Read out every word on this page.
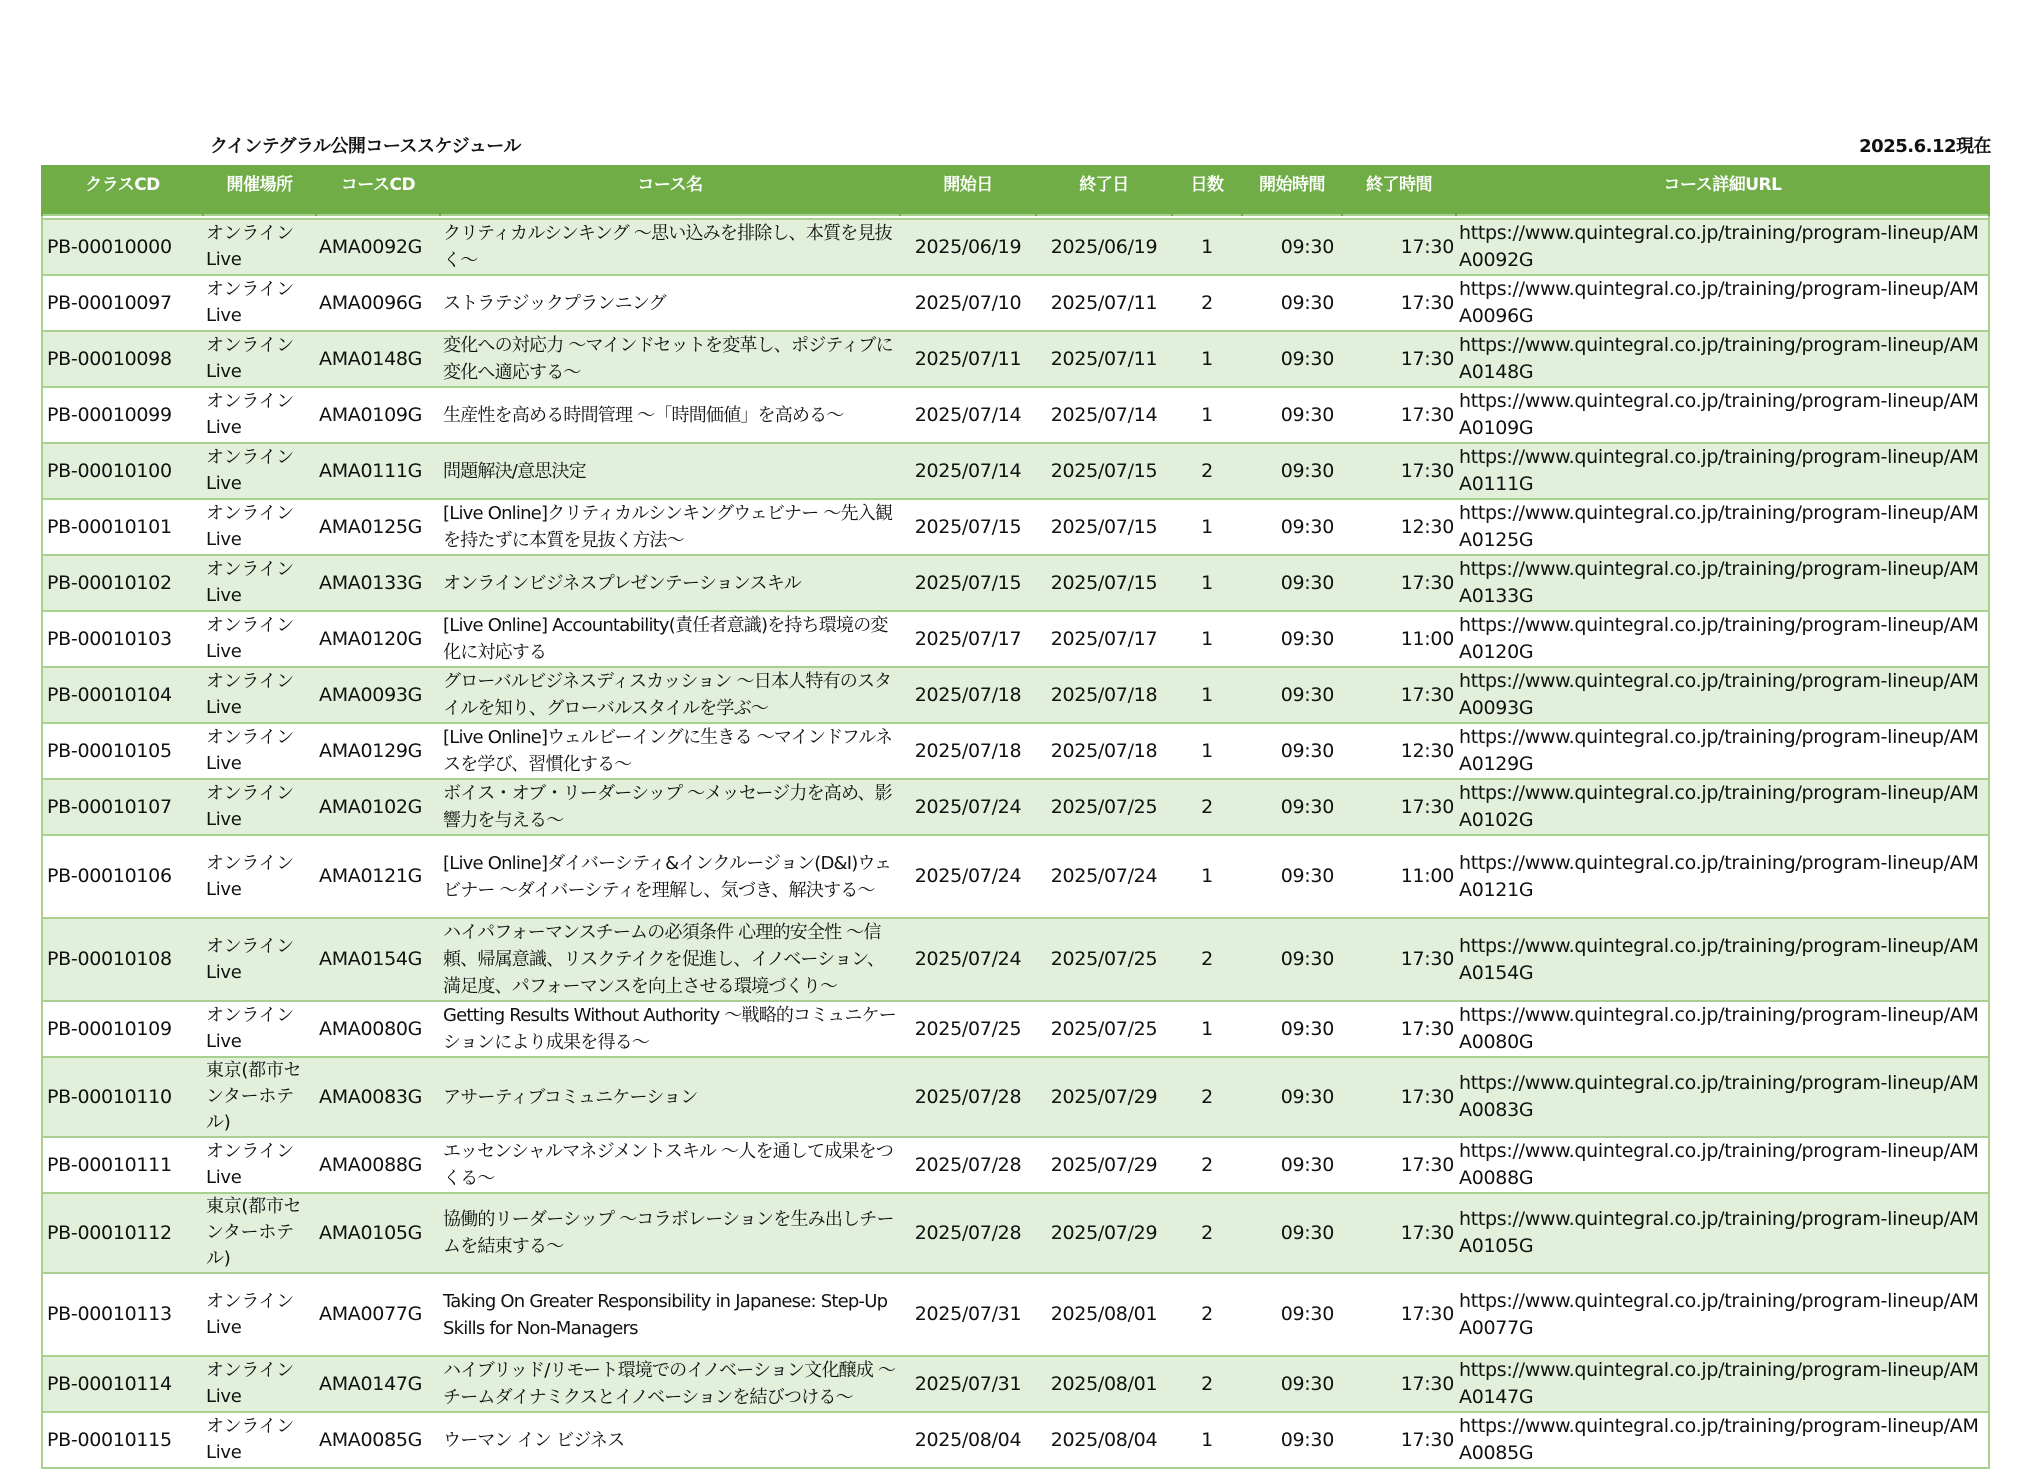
クインテグラル公開コーススケジュール	2025.6.12現在
クラスCD	開催場所	コースCD	コース名	開始日	終了日	日数	開始時間	終了時間	コース詳細URL

PB-00010000	オンライン Live	AMA0092G	クリティカルシンキング ～思い込みを排除し、本質を見抜く～	2025/06/19	2025/06/19	1	09:30	17:30	https://www.quintegral.co.jp/training/program-lineup/AMA0092G
PB-00010097	オンライン Live	AMA0096G	ストラテジックプランニング	2025/07/10	2025/07/11	2	09:30	17:30	https://www.quintegral.co.jp/training/program-lineup/AMA0096G
PB-00010098	オンライン Live	AMA0148G	変化への対応力 ～マインドセットを変革し、ポジティブに変化へ適応する～	2025/07/11	2025/07/11	1	09:30	17:30	https://www.quintegral.co.jp/training/program-lineup/AMA0148G
PB-00010099	オンライン Live	AMA0109G	生産性を高める時間管理 ～「時間価値」を高める～	2025/07/14	2025/07/14	1	09:30	17:30	https://www.quintegral.co.jp/training/program-lineup/AMA0109G
PB-00010100	オンライン Live	AMA0111G	問題解決/意思決定	2025/07/14	2025/07/15	2	09:30	17:30	https://www.quintegral.co.jp/training/program-lineup/AMA0111G
PB-00010101	オンライン Live	AMA0125G	[Live Online]クリティカルシンキングウェビナー ～先入観を持たずに本質を見抜く方法～	2025/07/15	2025/07/15	1	09:30	12:30	https://www.quintegral.co.jp/training/program-lineup/AMA0125G
PB-00010102	オンライン Live	AMA0133G	オンラインビジネスプレゼンテーションスキル	2025/07/15	2025/07/15	1	09:30	17:30	https://www.quintegral.co.jp/training/program-lineup/AMA0133G
PB-00010103	オンライン Live	AMA0120G	[Live Online] Accountability(責任者意識)を持ち環境の変化に対応する	2025/07/17	2025/07/17	1	09:30	11:00	https://www.quintegral.co.jp/training/program-lineup/AMA0120G
PB-00010104	オンライン Live	AMA0093G	グローバルビジネスディスカッション ～日本人特有のスタイルを知り、グローバルスタイルを学ぶ～	2025/07/18	2025/07/18	1	09:30	17:30	https://www.quintegral.co.jp/training/program-lineup/AMA0093G
PB-00010105	オンライン Live	AMA0129G	[Live Online]ウェルビーイングに生きる ～マインドフルネスを学び、習慣化する～	2025/07/18	2025/07/18	1	09:30	12:30	https://www.quintegral.co.jp/training/program-lineup/AMA0129G
PB-00010107	オンライン Live	AMA0102G	ボイス・オブ・リーダーシップ ～メッセージ力を高め、影響力を与える～	2025/07/24	2025/07/25	2	09:30	17:30	https://www.quintegral.co.jp/training/program-lineup/AMA0102G
PB-00010106	オンライン Live	AMA0121G	[Live Online]ダイバーシティ&インクルージョン(D&I)ウェビナー ～ダイバーシティを理解し、気づき、解決する～	2025/07/24	2025/07/24	1	09:30	11:00	https://www.quintegral.co.jp/training/program-lineup/AMA0121G
PB-00010108	オンライン Live	AMA0154G	ハイパフォーマンスチームの必須条件 心理的安全性 ～信頼、帰属意識、リスクテイクを促進し、イノベーション、満足度、パフォーマンスを向上させる環境づくり～	2025/07/24	2025/07/25	2	09:30	17:30	https://www.quintegral.co.jp/training/program-lineup/AMA0154G
PB-00010109	オンライン Live	AMA0080G	Getting Results Without Authority ～戦略的コミュニケーションにより成果を得る～	2025/07/25	2025/07/25	1	09:30	17:30	https://www.quintegral.co.jp/training/program-lineup/AMA0080G
PB-00010110	東京(都市センターホテル)	AMA0083G	アサーティブコミュニケーション	2025/07/28	2025/07/29	2	09:30	17:30	https://www.quintegral.co.jp/training/program-lineup/AMA0083G
PB-00010111	オンライン Live	AMA0088G	エッセンシャルマネジメントスキル ～人を通して成果をつくる～	2025/07/28	2025/07/29	2	09:30	17:30	https://www.quintegral.co.jp/training/program-lineup/AMA0088G
PB-00010112	東京(都市センターホテル)	AMA0105G	協働的リーダーシップ ～コラボレーションを生み出しチームを結束する～	2025/07/28	2025/07/29	2	09:30	17:30	https://www.quintegral.co.jp/training/program-lineup/AMA0105G
PB-00010113	オンライン Live	AMA0077G	Taking On Greater Responsibility in Japanese: Step-Up Skills for Non-Managers	2025/07/31	2025/08/01	2	09:30	17:30	https://www.quintegral.co.jp/training/program-lineup/AMA0077G
PB-00010114	オンライン Live	AMA0147G	ハイブリッド/リモート環境でのイノベーション文化醸成 ～チームダイナミクスとイノベーションを結びつける～	2025/07/31	2025/08/01	2	09:30	17:30	https://www.quintegral.co.jp/training/program-lineup/AMA0147G
PB-00010115	オンライン Live	AMA0085G	ウーマン イン ビジネス	2025/08/04	2025/08/04	1	09:30	17:30	https://www.quintegral.co.jp/training/program-lineup/AMA0085G
